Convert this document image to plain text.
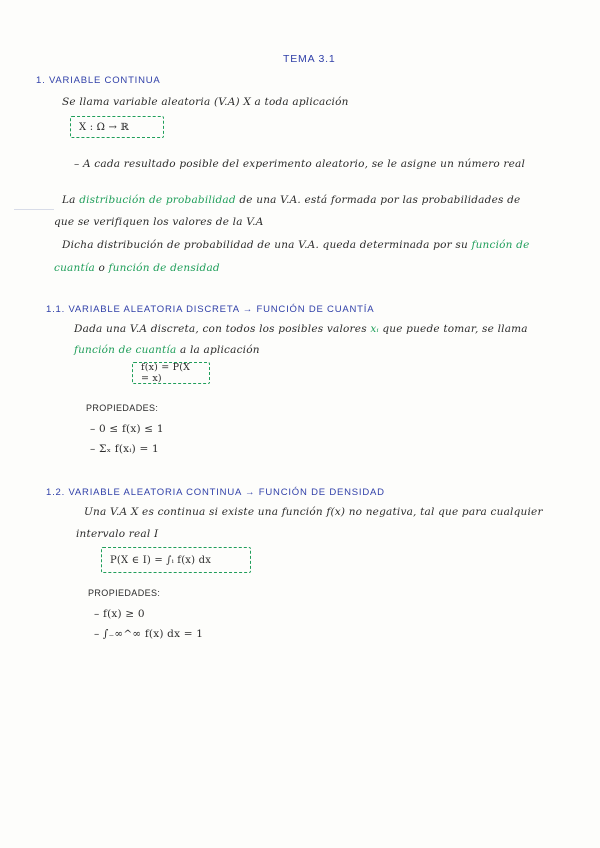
TEMA 3.1
1. VARIABLE CONTINUA
Se llama variable aleatoria (V.A) X a toda aplicación
X : Ω → ℝ
– A cada resultado posible del experimento aleatorio, se le asigne un número real
La distribución de probabilidad de una V.A. está formada por las probabilidades de
que se verifiquen los valores de la V.A
Dicha distribución de probabilidad de una V.A. queda determinada por su función de
cuantía o función de densidad
1.1. VARIABLE ALEATORIA DISCRETA → FUNCIÓN DE CUANTÍA
Dada una V.A discreta, con todos los posibles valores xᵢ que puede tomar, se llama
función de cuantía a la aplicación
f(x) = P(X = x)
PROPIEDADES:
– 0 ≤ f(x) ≤ 1
– Σₓ f(xᵢ) = 1
1.2. VARIABLE ALEATORIA CONTINUA → FUNCIÓN DE DENSIDAD
Una V.A X es continua si existe una función f(x) no negativa, tal que para cualquier
intervalo real I
P(X ∈ I) = ∫ᵢ f(x) dx
PROPIEDADES:
– f(x) ≥ 0
– ∫₋∞^∞ f(x) dx = 1
